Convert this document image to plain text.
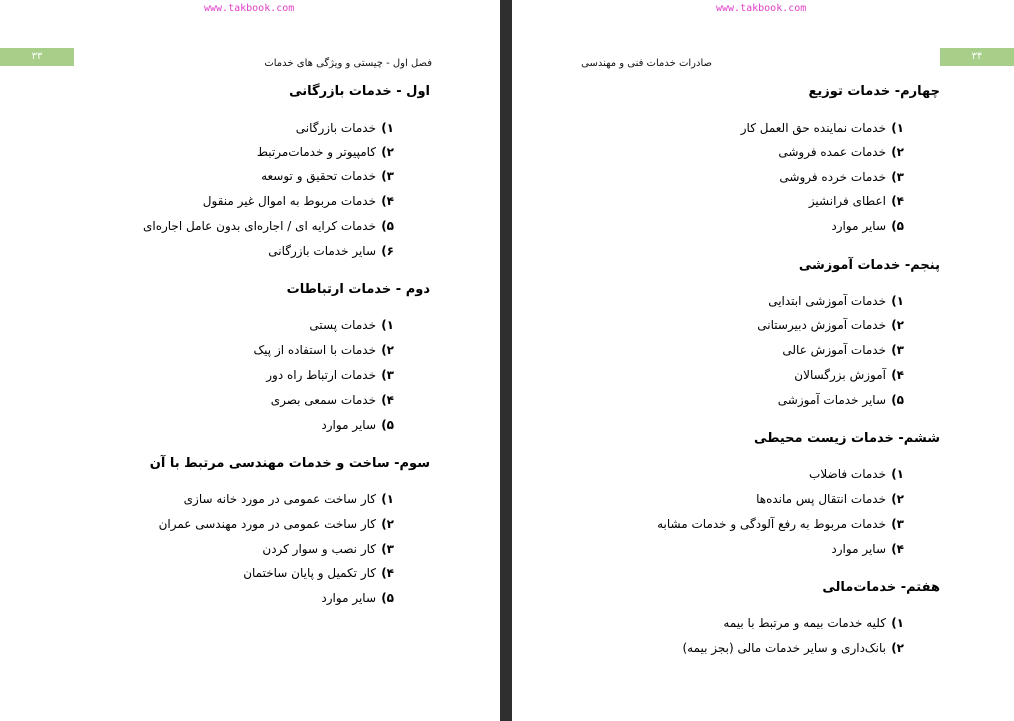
www.takbook.com
۳۳
فصل اول - چیستی و ویژگی های خدمات
اول - خدمات بازرگانی
۱)خدمات بازرگانی
۲)کامپیوتر و خدمات‌مرتبط
۳)خدمات تحقیق و توسعه
۴)خدمات مربوط به اموال غیر منقول
۵)خدمات کرایه ای / اجاره‌ای بدون عامل اجاره‌ای
۶)سایر خدمات بازرگانی
دوم - خدمات ارتباطات
۱)خدمات پستی
۲)خدمات با استفاده از پیک
۳)خدمات ارتباط راه دور
۴)خدمات سمعی بصری
۵)سایر موارد
سوم- ساخت و خدمات مهندسی مرتبط با آن
۱)کار ساخت عمومی در مورد خانه سازی
۲)کار ساخت عمومی در مورد مهندسی عمران
۳)کار نصب و سوار کردن
۴)کار تکمیل و پایان ساختمان
۵)سایر موارد
www.takbook.com
۳۴
صادرات خدمات فنی و مهندسی
چهارم- خدمات توزیع
۱)خدمات نماینده حق العمل کار
۲)خدمات عمده فروشی
۳)خدمات خرده فروشی
۴)اعطای فرانشیز
۵)سایر موارد
پنجم- خدمات آموزشی
۱)خدمات آموزشی ابتدایی
۲)خدمات آموزش دبیرستانی
۳)خدمات آموزش عالی
۴)آموزش بزرگسالان
۵)سایر خدمات آموزشی
ششم- خدمات زیست محیطی
۱)خدمات فاضلاب
۲)خدمات انتقال پس مانده‌ها
۳)خدمات مربوط به رفع آلودگی و خدمات مشابه
۴)سایر موارد
هفتم- خدمات‌مالی
۱)کلیه خدمات بیمه و مرتبط با بیمه
۲)بانک‌داری و سایر خدمات مالی (بجز بیمه)
